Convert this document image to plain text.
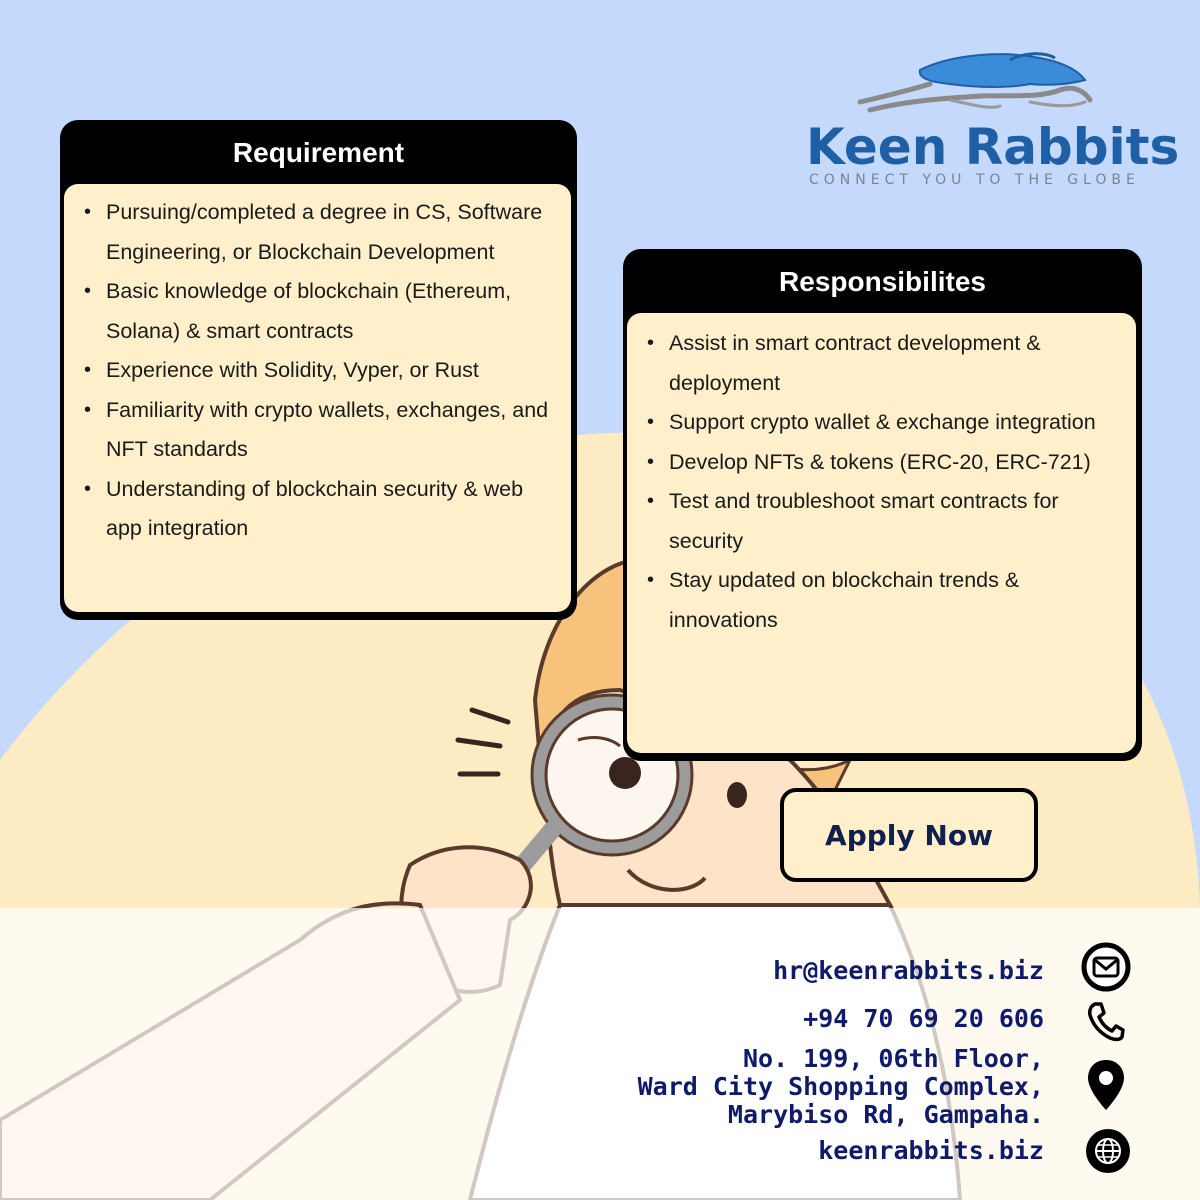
Keen Rabbits
CONNECT YOU TO THE GLOBE
Requirement
• Pursuing/completed a degree in CS, Software Engineering, or Blockchain Development
• Basic knowledge of blockchain (Ethereum, Solana) & smart contracts
• Experience with Solidity, Vyper, or Rust
• Familiarity with crypto wallets, exchanges, and NFT standards
• Understanding of blockchain security & web app integration
Responsibilites
• Assist in smart contract development & deployment
• Support crypto wallet & exchange integration
• Develop NFTs & tokens (ERC-20, ERC-721)
• Test and troubleshoot smart contracts for security
• Stay updated on blockchain trends & innovations
Apply Now
hr@keenrabbits.biz
+94 70 69 20 606
No. 199, 06th Floor,
Ward City Shopping Complex,
Marybiso Rd, Gampaha.
keenrabbits.biz
